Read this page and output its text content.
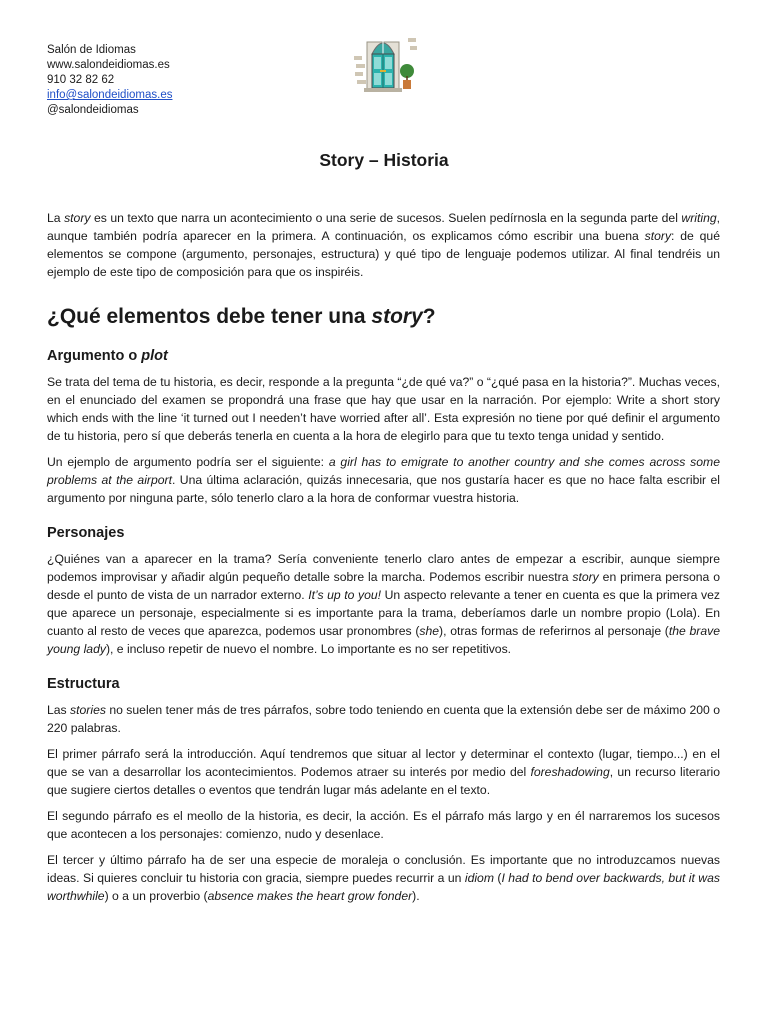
Salón de Idiomas
www.salondeidiomas.es
910 32 82 62
info@salondeidiomas.es
@salondeidiomas
Story – Historia

La story es un texto que narra un acontecimiento o una serie de sucesos. Suelen pedírnosla en la segunda parte del writing, aunque también podría aparecer en la primera. A continuación, os explicamos cómo escribir una buena story: de qué elementos se compone (argumento, personajes, estructura) y qué tipo de lenguaje podemos utilizar. Al final tendréis un ejemplo de este tipo de composición para que os inspiréis.

¿Qué elementos debe tener una story?
Argumento o plot

Se trata del tema de tu historia, es decir, responde a la pregunta “¿de qué va?” o “¿qué pasa en la historia?”. Muchas veces, en el enunciado del examen se propondrá una frase que hay que usar en la narración. Por ejemplo: Write a short story which ends with the line ‘it turned out I needen’t have worried after all’. Esta expresión no tiene por qué definir el argumento de tu historia, pero sí que deberás tenerla en cuenta a la hora de elegirlo para que tu texto tenga unidad y sentido.

Un ejemplo de argumento podría ser el siguiente: a girl has to emigrate to another country and she comes across some problems at the airport. Una última aclaración, quizás innecesaria, que nos gustaría hacer es que no hace falta escribir el argumento por ninguna parte, sólo tenerlo claro a la hora de conformar vuestra historia.

Personajes

¿Quiénes van a aparecer en la trama? Sería conveniente tenerlo claro antes de empezar a escribir, aunque siempre podemos improvisar y añadir algún pequeño detalle sobre la marcha. Podemos escribir nuestra story en primera persona o desde el punto de vista de un narrador externo. It’s up to you! Un aspecto relevante a tener en cuenta es que la primera vez que aparece un personaje, especialmente si es importante para la trama, deberíamos darle un nombre propio (Lola). En cuanto al resto de veces que aparezca, podemos usar pronombres (she), otras formas de referirnos al personaje (the brave young lady), e incluso repetir de nuevo el nombre. Lo importante es no ser repetitivos.

Estructura

Las stories no suelen tener más de tres párrafos, sobre todo teniendo en cuenta que la extensión debe ser de máximo 200 o 220 palabras.

El primer párrafo será la introducción. Aquí tendremos que situar al lector y determinar el contexto (lugar, tiempo...) en el que se van a desarrollar los acontecimientos. Podemos atraer su interés por medio del foreshadowing, un recurso literario que sugiere ciertos detalles o eventos que tendrán lugar más adelante en el texto.

El segundo párrafo es el meollo de la historia, es decir, la acción. Es el párrafo más largo y en él narraremos los sucesos que acontecen a los personajes: comienzo, nudo y desenlace.

El tercer y último párrafo ha de ser una especie de moraleja o conclusión. Es importante que no introduzcamos nuevas ideas. Si quieres concluir tu historia con gracia, siempre puedes recurrir a un idiom (I had to bend over backwards, but it was worthwhile) o a un proverbio (absence makes the heart grow fonder).
